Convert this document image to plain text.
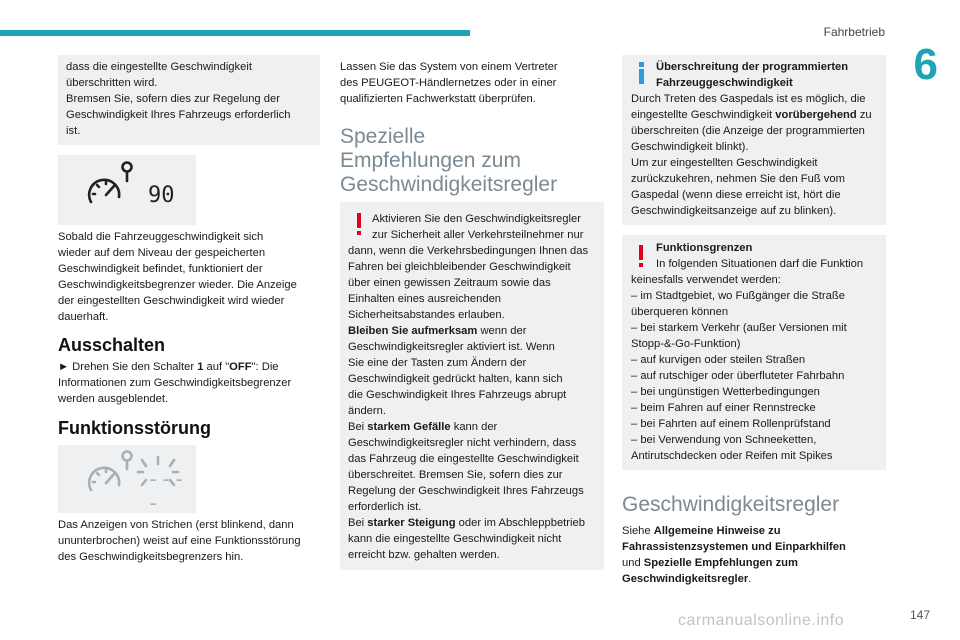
Fahrbetrieb
6

dass die eingestellte Geschwindigkeit

überschritten wird.

Bremsen Sie, sofern dies zur Regelung der

Geschwindigkeit Ihres Fahrzeugs erforderlich

ist.

90

Sobald die Fahrzeuggeschwindigkeit sich

wieder auf dem Niveau der gespeicherten

Geschwindigkeit befindet, funktioniert der

Geschwindigkeitsbegrenzer wieder. Die Anzeige

der eingestellten Geschwindigkeit wird wieder

dauerhaft.

Ausschalten

► Drehen Sie den Schalter 1 auf "OFF": Die

Informationen zum Geschwindigkeitsbegrenzer

werden ausgeblendet.

Funktionsstörung
----

Das Anzeigen von Strichen (erst blinkend, dann

ununterbrochen) weist auf eine Funktionsstörung

des Geschwindigkeitsbegrenzers hin.

Lassen Sie das System von einem Vertreter

des PEUGEOT-Händlernetzes oder in einer

qualifizierten Fachwerkstatt überprüfen.

Spezielle
Empfehlungen zum
Geschwindigkeitsregler

Aktivieren Sie den Geschwindigkeitsregler

zur Sicherheit aller Verkehrsteilnehmer nur

dann, wenn die Verkehrsbedingungen Ihnen das

Fahren bei gleichbleibender Geschwindigkeit

über einen gewissen Zeitraum sowie das

Einhalten eines ausreichenden

Sicherheitsabstandes erlauben.

Bleiben Sie aufmerksam wenn der

Geschwindigkeitsregler aktiviert ist. Wenn

Sie eine der Tasten zum Ändern der

Geschwindigkeit gedrückt halten, kann sich

die Geschwindigkeit Ihres Fahrzeugs abrupt

ändern.

Bei starkem Gefälle kann der

Geschwindigkeitsregler nicht verhindern, dass

das Fahrzeug die eingestellte Geschwindigkeit

überschreitet. Bremsen Sie, sofern dies zur

Regelung der Geschwindigkeit Ihres Fahrzeugs

erforderlich ist.

Bei starker Steigung oder im Abschleppbetrieb

kann die eingestellte Geschwindigkeit nicht

erreicht bzw. gehalten werden.

Überschreitung der programmierten

Fahrzeuggeschwindigkeit

Durch Treten des Gaspedals ist es möglich, die

eingestellte Geschwindigkeit vorübergehend zu

überschreiten (die Anzeige der programmierten

Geschwindigkeit blinkt).

Um zur eingestellten Geschwindigkeit

zurückzukehren, nehmen Sie den Fuß vom

Gaspedal (wenn diese erreicht ist, hört die

Geschwindigkeitsanzeige auf zu blinken).

Funktionsgrenzen

In folgenden Situationen darf die Funktion

keinesfalls verwendet werden:

– im Stadtgebiet, wo Fußgänger die Straße

überqueren können

– bei starkem Verkehr (außer Versionen mit

Stopp-&-Go-Funktion)

– auf kurvigen oder steilen Straßen

– auf rutschiger oder überfluteter Fahrbahn

– bei ungünstigen Wetterbedingungen

– beim Fahren auf einer Rennstrecke

– bei Fahrten auf einem Rollenprüfstand

– bei Verwendung von Schneeketten,

Antirutschdecken oder Reifen mit Spikes

Geschwindigkeitsregler

Siehe Allgemeine Hinweise zu

Fahrassistenzsystemen und Einparkhilfen

und Spezielle Empfehlungen zum

Geschwindigkeitsregler.

147
carmanualsonline.info
